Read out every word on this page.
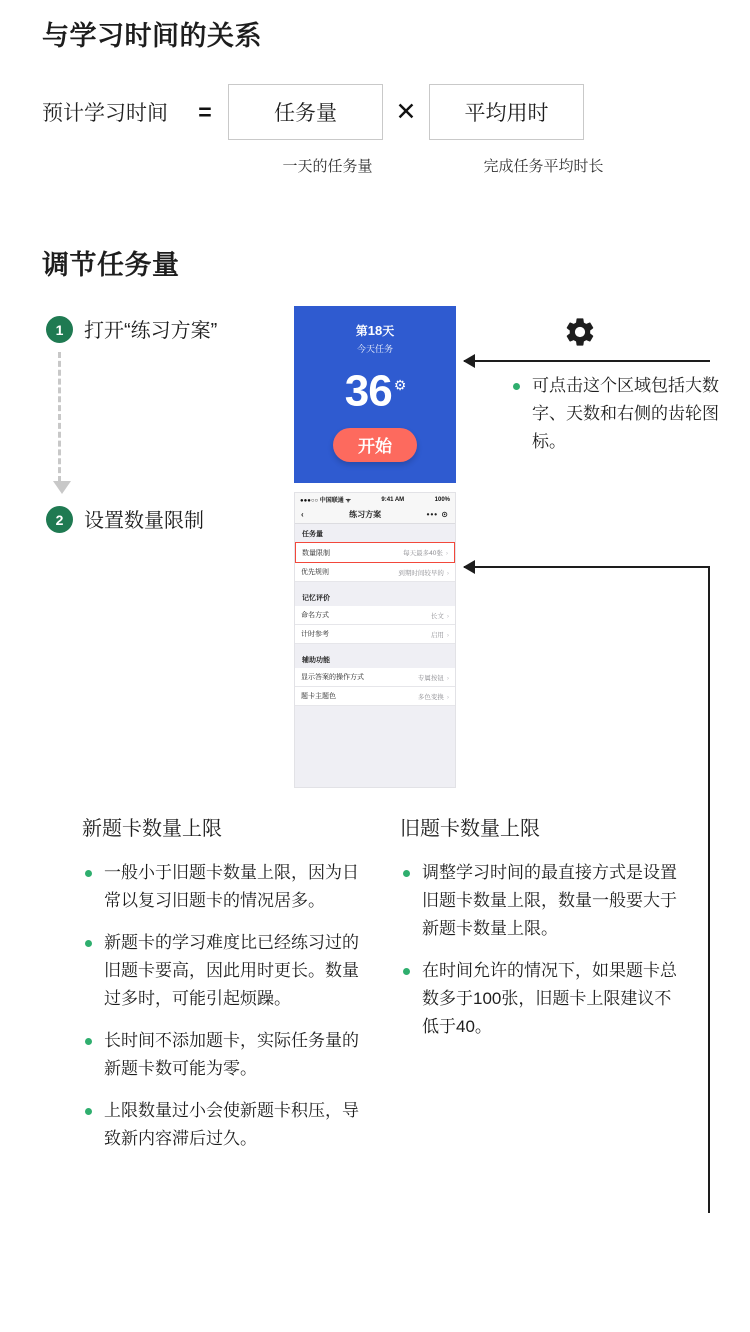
与学习时间的关系
预计学习时间	=	任务量	✕	平均用时
一天的任务量	完成任务平均时长
调节任务量
1	打开“练习方案”
2	设置数量限制
第18天
今天任务
36 ⚙
开始
可点击这个区域包括大数字、天数和右侧的齿轮图标。
●●●○○ 中国联通 ᯤ	9:41 AM	100%
‹	练习方案	••• ⊙
任务量
数量限制	每天最多40张 ›
优先规则	到期时间较早的 ›
记忆评价
命名方式	长文 ›
计时参考	启用 ›
辅助功能
显示答案的操作方式	专属按钮 ›
题卡主题色	多色变换 ›
新题卡数量上限
一般小于旧题卡数量上限，因为日常以复习旧题卡的情况居多。
新题卡的学习难度比已经练习过的旧题卡要高，因此用时更长。数量过多时，可能引起烦躁。
长时间不添加题卡，实际任务量的新题卡数可能为零。
上限数量过小会使新题卡积压，导致新内容滞后过久。
旧题卡数量上限
调整学习时间的最直接方式是设置旧题卡数量上限，数量一般要大于新题卡数量上限。
在时间允许的情况下，如果题卡总数多于100张，旧题卡上限建议不低于40。
